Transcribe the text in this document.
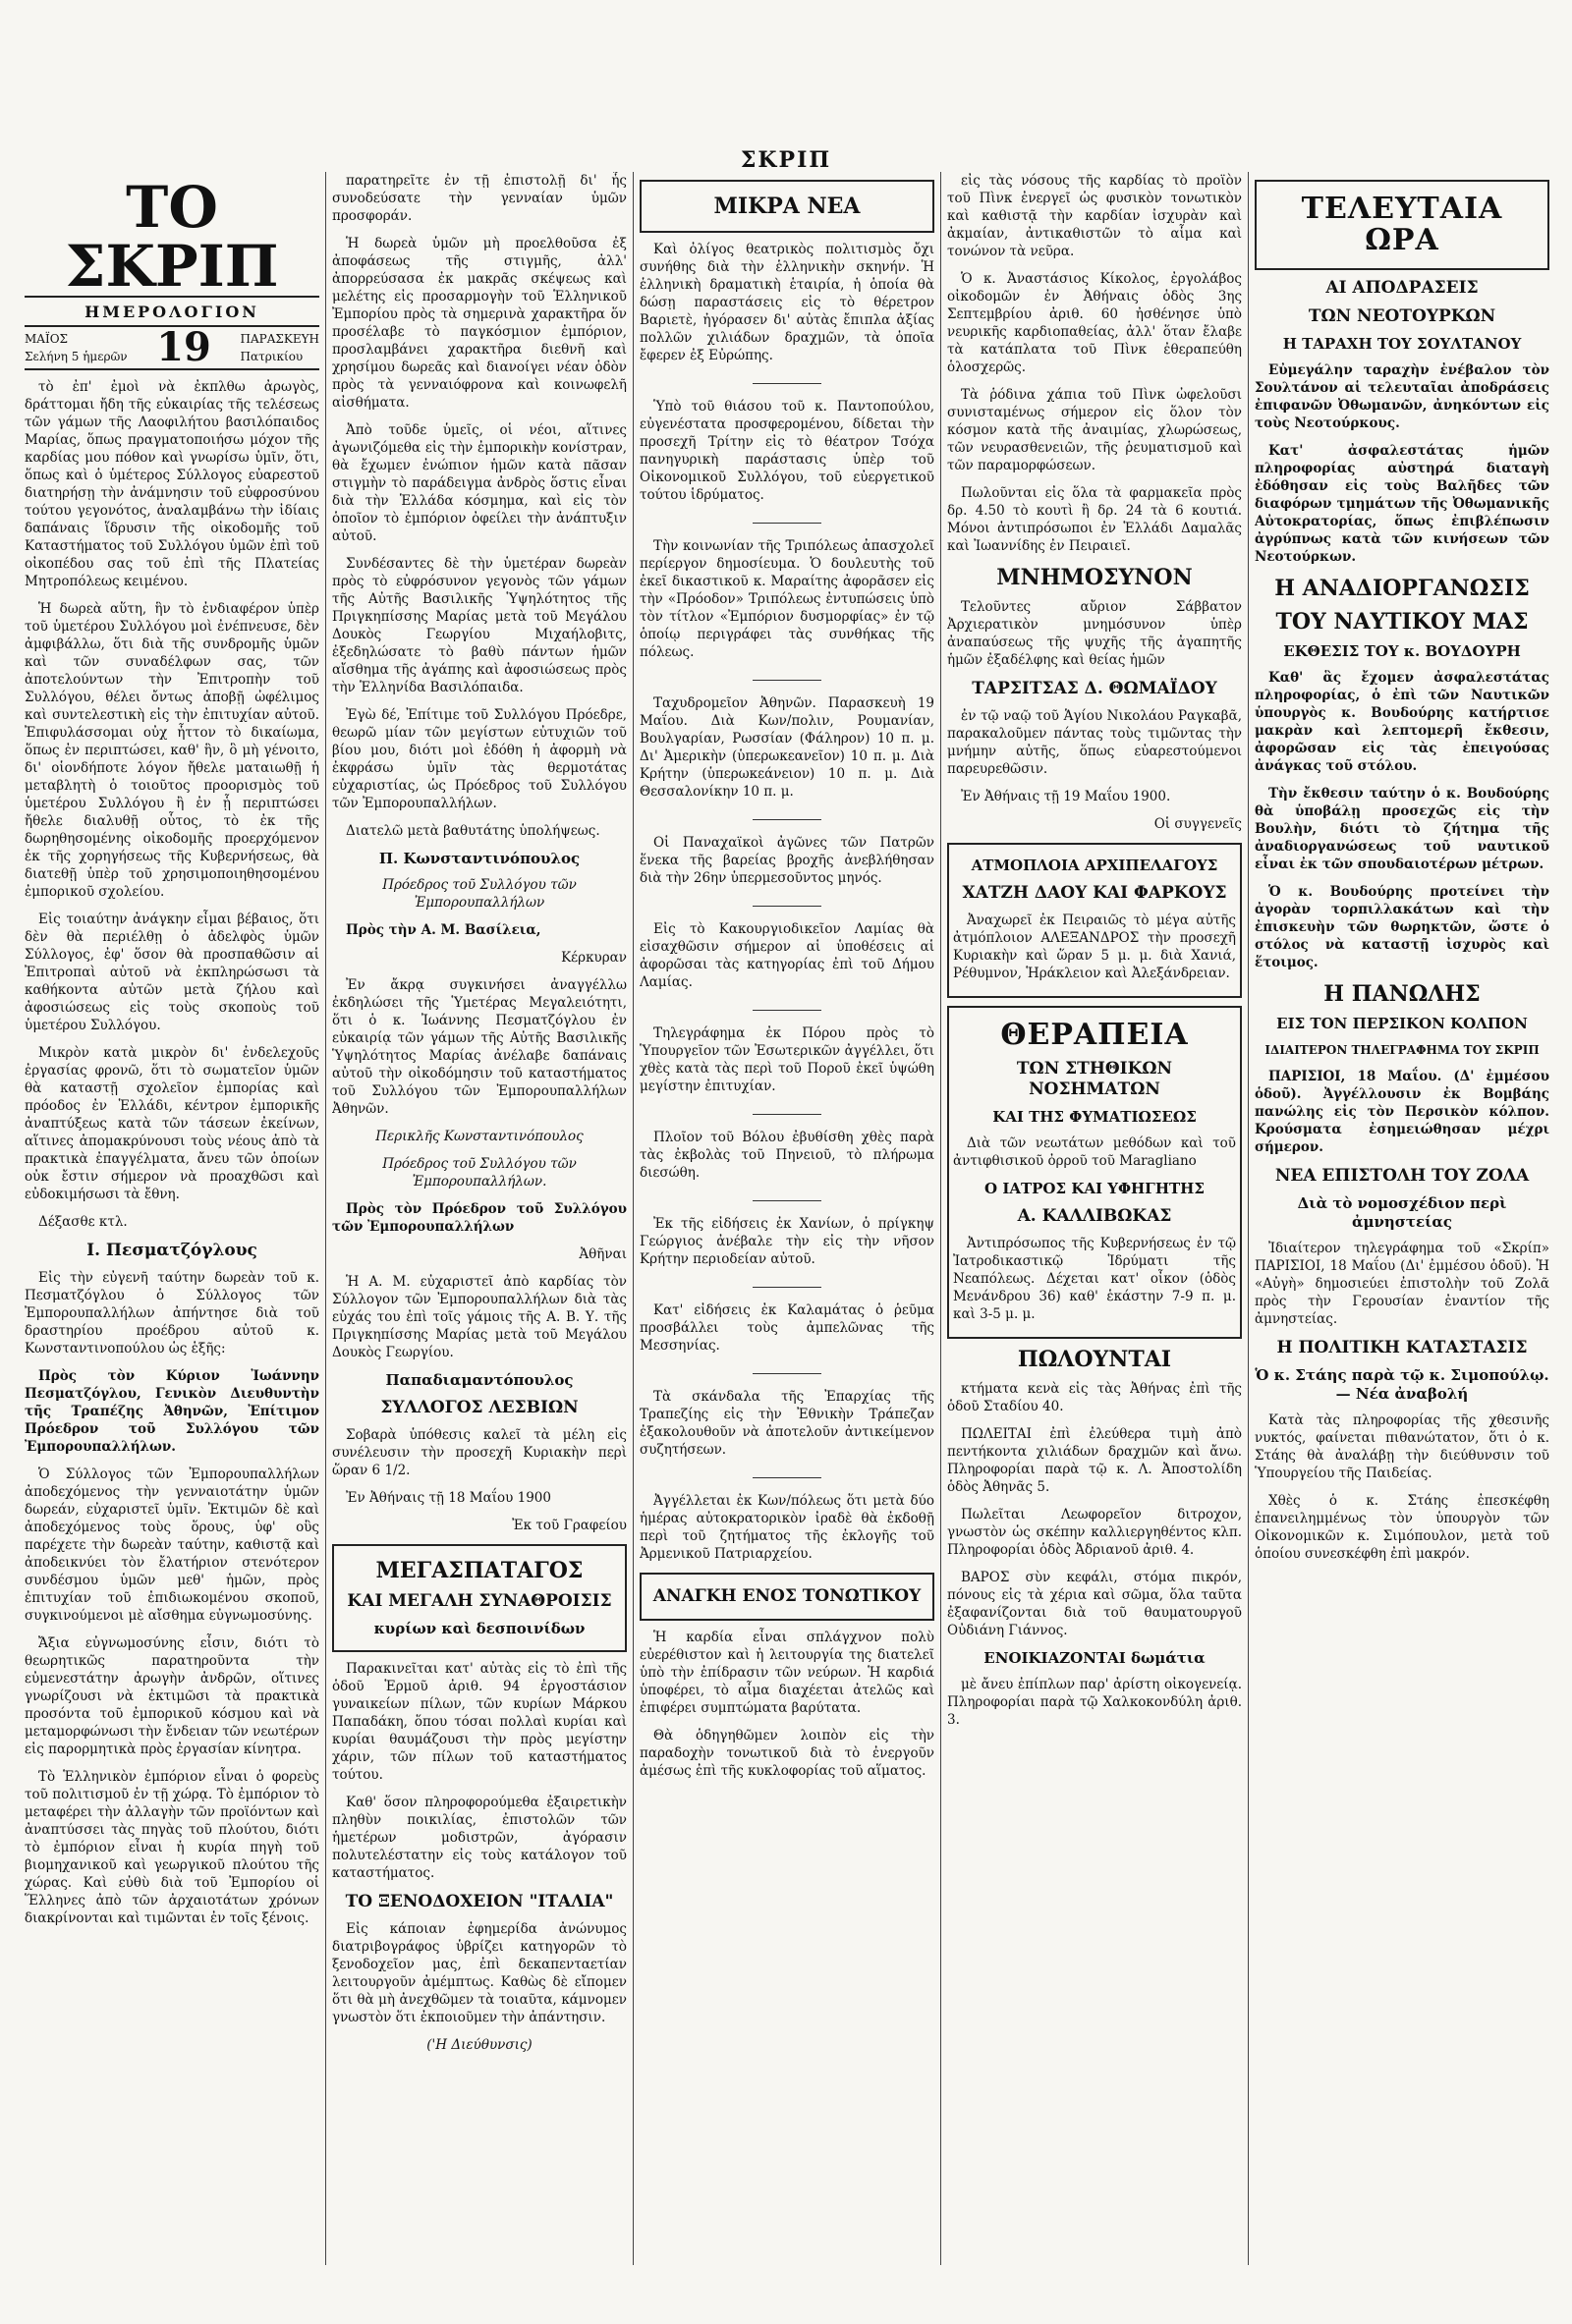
ΣΚΡΙΠ
ΤΟ ΣΚΡΙΠ
ΗΜΕΡΟΛΟΓΙΟΝ
ΜΑΪΟΣ
Σελήνη 5 ἡμερῶν 19 ΠΑΡΑΣΚΕΥΗ
Πατρικίου

τὸ ἐπ' ἐμοὶ νὰ ἐκπλθω ἀρωγὸς, δράττομαι ἤδη τῆς εὐκαιρίας τῆς τελέσεως τῶν γάμων τῆς Λαοφιλήτου βασιλόπαιδος Μαρίας, ὅπως πραγματοποιήσω μόχον τῆς καρδίας μου πόθον καὶ γνωρίσω ὑμῖν, ὅτι, ὅπως καὶ ὁ ὑμέτερος Σύλλογος εὐαρεστοῦ διατηρήσῃ τὴν ἀνάμνησιν τοῦ εὐφροσύνου τούτου γεγονότος, ἀναλαμβάνω τὴν ἰδίαις δαπάναις ἵδρυσιν τῆς οἰκοδομῆς τοῦ Καταστήματος τοῦ Συλλόγου ὑμῶν ἐπὶ τοῦ οἰκοπέδου σας τοῦ ἐπὶ τῆς Πλατείας Μητροπόλεως κειμένου.

Ἡ δωρεὰ αὕτη, ἣν τὸ ἐνδιαφέρον ὑπὲρ τοῦ ὑμετέρου Συλλόγου μοὶ ἐνέπνευσε, δὲν ἀμφιβάλλω, ὅτι διὰ τῆς συνδρομῆς ὑμῶν καὶ τῶν συναδέλφων σας, τῶν ἀποτελούντων τὴν Ἐπιτροπὴν τοῦ Συλλόγου, θέλει ὄντως ἀποβῇ ὠφέλιμος καὶ συντελεστικὴ εἰς τὴν ἐπιτυχίαν αὐτοῦ. Ἐπιφυλάσσομαι οὐχ ἧττον τὸ δικαίωμα, ὅπως ἐν περιπτώσει, καθ' ἣν, ὃ μὴ γένοιτο, δι' οἱονδήποτε λόγον ἤθελε ματαιωθῇ ἡ μεταβλητὴ ὁ τοιοῦτος προορισμὸς τοῦ ὑμετέρου Συλλόγου ἢ ἐν ᾗ περιπτώσει ἤθελε διαλυθῇ οὗτος, τὸ ἐκ τῆς δωρηθησομένης οἰκοδομῆς προερχόμενον ἐκ τῆς χορηγήσεως τῆς Κυβερνήσεως, θὰ διατεθῇ ὑπὲρ τοῦ χρησιμοποιηθησομένου ἐμπορικοῦ σχολείου.

Εἰς τοιαύτην ἀνάγκην εἶμαι βέβαιος, ὅτι δὲν θὰ περιέλθῃ ὁ ἀδελφὸς ὑμῶν Σύλλογος, ἐφ' ὅσον θὰ προσπαθῶσιν αἱ Ἐπιτροπαὶ αὐτοῦ νὰ ἐκπληρώσωσι τὰ καθήκοντα αὐτῶν μετὰ ζήλου καὶ ἀφοσιώσεως εἰς τοὺς σκοποὺς τοῦ ὑμετέρου Συλλόγου.

Μικρὸν κατὰ μικρὸν δι' ἐνδελεχοῦς ἐργασίας φρονῶ, ὅτι τὸ σωματεῖον ὑμῶν θὰ καταστῇ σχολεῖον ἐμπορίας καὶ πρόοδος ἐν Ἑλλάδι, κέντρον ἐμπορικῆς ἀναπτύξεως κατὰ τῶν τάσεων ἐκείνων, αἵτινες ἀπομακρύνουσι τοὺς νέους ἀπὸ τὰ πρακτικὰ ἐπαγγέλματα, ἄνευ τῶν ὁποίων οὐκ ἔστιν σήμερον νὰ προαχθῶσι καὶ εὐδοκιμήσωσι τὰ ἔθνη.

Δέξασθε κτλ.

Ι. Πεσματζόγλους

Εἰς τὴν εὐγενῆ ταύτην δωρεὰν τοῦ κ. Πεσματζόγλου ὁ Σύλλογος τῶν Ἐμπορουπαλλήλων ἀπήντησε διὰ τοῦ δραστηρίου προέδρου αὐτοῦ κ. Κωνσταντινοπούλου ὡς ἑξῆς:

Πρὸς τὸν Κύριον Ἰωάννην Πεσματζόγλου, Γενικὸν Διευθυντὴν τῆς Τραπέζης Ἀθηνῶν, Ἐπίτιμον Πρόεδρον τοῦ Συλλόγου τῶν Ἐμπορουπαλλήλων.

Ὁ Σύλλογος τῶν Ἐμπορουπαλλήλων ἀποδεχόμενος τὴν γενναιοτάτην ὑμῶν δωρεάν, εὐχαριστεῖ ὑμῖν. Ἐκτιμῶν δὲ καὶ ἀποδεχόμενος τοὺς ὅρους, ὑφ' οὓς παρέχετε τὴν δωρεὰν ταύτην, καθιστᾷ καὶ ἀποδεικνύει τὸν ἔλατήριον στενότερον συνδέσμου ὑμῶν μεθ' ἡμῶν, πρὸς ἐπιτυχίαν τοῦ ἐπιδιωκομένου σκοποῦ, συγκινούμενοι μὲ αἴσθημα εὐγνωμοσύνης.

Ἄξια εὐγνωμοσύνης εἶσιν, διότι τὸ θεωρητικῶς παρατηροῦντα τὴν εὐμενεστάτην ἀρωγὴν ἀνδρῶν, οἵτινες γνωρίζουσι νὰ ἐκτιμῶσι τὰ πρακτικὰ προσόντα τοῦ ἐμπορικοῦ κόσμου καὶ νὰ μεταμορφώνωσι τὴν ἔνδειαν τῶν νεωτέρων εἰς παρορμητικὰ πρὸς ἐργασίαν κίνητρα.

Τὸ Ἑλληνικὸν ἐμπόριον εἶναι ὁ φορεὺς τοῦ πολιτισμοῦ ἐν τῇ χώρᾳ. Τὸ ἐμπόριον τὸ μεταφέρει τὴν ἀλλαγὴν τῶν προϊόντων καὶ ἀναπτύσσει τὰς πηγὰς τοῦ πλούτου, διότι τὸ ἐμπόριον εἶναι ἡ κυρία πηγὴ τοῦ βιομηχανικοῦ καὶ γεωργικοῦ πλούτου τῆς χώρας. Καὶ εὐθὺ διὰ τοῦ Ἐμπορίου οἱ Ἕλληνες ἀπὸ τῶν ἀρχαιοτάτων χρόνων διακρίνονται καὶ τιμῶνται ἐν τοῖς ξένοις.

παρατηρεῖτε ἐν τῇ ἐπιστολῇ δι' ἧς συνοδεύσατε τὴν γενναίαν ὑμῶν προσφοράν.

Ἡ δωρεὰ ὑμῶν μὴ προελθοῦσα ἐξ ἀποφάσεως τῆς στιγμῆς, ἀλλ' ἀπορρεύσασα ἐκ μακρᾶς σκέψεως καὶ μελέτης εἰς προσαρμογὴν τοῦ Ἑλληνικοῦ Ἐμπορίου πρὸς τὰ σημερινὰ χαρακτῆρα ὅν προσέλαβε τὸ παγκόσμιον ἐμπόριον, προσλαμβάνει χαρακτῆρα διεθνῆ καὶ χρησίμου δωρεᾶς καὶ διανοίγει νέαν ὁδὸν πρὸς τὰ γενναιόφρονα καὶ κοινωφελῆ αἰσθήματα.

Ἀπὸ τοῦδε ὑμεῖς, οἱ νέοι, αἵτινες ἀγωνιζόμεθα εἰς τὴν ἐμπορικὴν κονίστραν, θὰ ἔχωμεν ἐνώπιον ἡμῶν κατὰ πᾶσαν στιγμὴν τὸ παράδειγμα ἀνδρὸς ὅστις εἶναι διὰ τὴν Ἑλλάδα κόσμημα, καὶ εἰς τὸν ὁποῖον τὸ ἐμπόριον ὀφείλει τὴν ἀνάπτυξιν αὐτοῦ.

Συνδέσαντες δὲ τὴν ὑμετέραν δωρεὰν πρὸς τὸ εὐφρόσυνον γεγονὸς τῶν γάμων τῆς Αὐτῆς Βασιλικῆς Ὑψηλότητος τῆς Πριγκηπίσσης Μαρίας μετὰ τοῦ Μεγάλου Δουκὸς Γεωργίου Μιχαήλοβιτς, ἐξεδηλώσατε τὸ βαθὺ πάντων ἡμῶν αἴσθημα τῆς ἀγάπης καὶ ἀφοσιώσεως πρὸς τὴν Ἑλληνίδα Βασιλόπαιδα.

Ἐγὼ δέ, Ἐπίτιμε τοῦ Συλλόγου Πρόεδρε, θεωρῶ μίαν τῶν μεγίστων εὐτυχιῶν τοῦ βίου μου, διότι μοὶ ἐδόθη ἡ ἀφορμὴ νὰ ἐκφράσω ὑμῖν τὰς θερμοτάτας εὐχαριστίας, ὡς Πρόεδρος τοῦ Συλλόγου τῶν Ἐμπορουπαλλήλων.

Διατελῶ μετὰ βαθυτάτης ὑπολήψεως.

Π. Κωνσταντινόπουλος
Πρόεδρος τοῦ Συλλόγου τῶν Ἐμπορουπαλλήλων

Πρὸς τὴν Α. Μ. Βασίλεια,

Κέρκυραν

Ἐν ἄκρᾳ συγκινήσει ἀναγγέλλω ἐκδηλώσει τῆς Ὑμετέρας Μεγαλειότητι, ὅτι ὁ κ. Ἰωάννης Πεσματζόγλου ἐν εὐκαιρίᾳ τῶν γάμων τῆς Αὐτῆς Βασιλικῆς Ὑψηλότητος Μαρίας ἀνέλαβε δαπάναις αὐτοῦ τὴν οἰκοδόμησιν τοῦ καταστήματος τοῦ Συλλόγου τῶν Ἐμπορουπαλλήλων Ἀθηνῶν.

Περικλῆς Κωνσταντινόπουλος
Πρόεδρος τοῦ Συλλόγου τῶν Ἐμπορουπαλλήλων.

Πρὸς τὸν Πρόεδρον τοῦ Συλλόγου τῶν Ἐμπορουπαλλήλων

Ἀθῆναι

Ἡ Α. Μ. εὐχαριστεῖ ἀπὸ καρδίας τὸν Σύλλογον τῶν Ἐμπορουπαλλήλων διὰ τὰς εὐχάς του ἐπὶ τοῖς γάμοις τῆς Α. Β. Υ. τῆς Πριγκηπίσσης Μαρίας μετὰ τοῦ Μεγάλου Δουκὸς Γεωργίου.

Παπαδιαμαντόπουλος
ΣΥΛΛΟΓΟΣ ΛΕΣΒΙΩΝ

Σοβαρὰ ὑπόθεσις καλεῖ τὰ μέλη εἰς συνέλευσιν τὴν προσεχῆ Κυριακὴν περὶ ὥραν 6 1/2.

Ἐν Ἀθήναις τῇ 18 Μαΐου 1900

Ἐκ τοῦ Γραφείου

ΜΕΓΑΣΠΑΤΑΓΟΣ
ΚΑΙ ΜΕΓΑΛΗ ΣΥΝΑΘΡΟΙΣΙΣ
κυρίων καὶ δεσποινίδων

Παρακινεῖται κατ' αὐτὰς εἰς τὸ ἐπὶ τῆς ὁδοῦ Ἑρμοῦ ἀριθ. 94 ἐργοστάσιον γυναικείων πίλων, τῶν κυρίων Μάρκου Παπαδάκη, ὅπου τόσαι πολλαὶ κυρίαι καὶ κυρίαι θαυμάζουσι τὴν πρὸς μεγίστην χάριν, τῶν πίλων τοῦ καταστήματος τούτου.

Καθ' ὅσον πληροφορούμεθα ἐξαιρετικὴν πληθὺν ποικιλίας, ἐπιστολῶν τῶν ἡμετέρων μοδιστρῶν, ἀγόρασιν πολυτελέστατην εἰς τοὺς κατάλογον τοῦ καταστήματος.

ΤΟ ΞΕΝΟΔΟΧΕΙΟΝ "ΙΤΑΛΙΑ"

Εἰς κάποιαν ἐφημερίδα ἀνώνυμος διατριβογράφος ὑβρίζει κατηγορῶν τὸ ξενοδοχεῖον μας, ἐπὶ δεκαπενταετίαν λειτουργοῦν ἀμέμπτως. Καθὼς δὲ εἴπομεν ὅτι θὰ μὴ ἀνεχθῶμεν τὰ τοιαῦτα, κάμνομεν γνωστὸν ὅτι ἐκποιοῦμεν τὴν ἀπάντησιν.

('Η Διεύθυνσις)
ΜΙΚΡΑ ΝΕΑ

Καὶ ὀλίγος θεατρικὸς πολιτισμὸς ὄχι συνήθης διὰ τὴν ἑλληνικὴν σκηνήν. Ἡ ἑλληνικὴ δραματικὴ ἑταιρία, ἡ ὁποία θὰ δώσῃ παραστάσεις εἰς τὸ θέρετρον Βαριετὲ, ἠγόρασεν δι' αὐτὰς ἔπιπλα ἀξίας πολλῶν χιλιάδων δραχμῶν, τὰ ὁποῖα ἔφερεν ἐξ Εὐρώπης.

Ὑπὸ τοῦ θιάσου τοῦ κ. Παντοπούλου, εὐγενέστατα προσφερομένου, δίδεται τὴν προσεχῆ Τρίτην εἰς τὸ θέατρον Τσόχα πανηγυρικὴ παράστασις ὑπὲρ τοῦ Οἰκονομικοῦ Συλλόγου, τοῦ εὐεργετικοῦ τούτου ἱδρύματος.

Τὴν κοινωνίαν τῆς Τριπόλεως ἀπασχολεῖ περίεργον δημοσίευμα. Ὁ δουλευτὴς τοῦ ἐκεῖ δικαστικοῦ κ. Μαραίτης ἀφορᾶσεν εἰς τὴν «Πρόοδον» Τριπόλεως ἐντυπώσεις ὑπὸ τὸν τίτλον «Ἐμπόριον δυσμορφίας» ἐν τῷ ὁποίῳ περιγράφει τὰς συνθήκας τῆς πόλεως.

Ταχυδρομεῖον Ἀθηνῶν. Παρασκευὴ 19 Μαΐου. Διὰ Κων/πολιν, Ρουμανίαν, Βουλγαρίαν, Ρωσσίαν (Φάληρον) 10 π. μ. Δι' Ἀμερικὴν (ὑπερωκεανεῖον) 10 π. μ. Διὰ Κρήτην (ὑπερωκεάνειον) 10 π. μ. Διὰ Θεσσαλονίκην 10 π. μ.

Οἱ Παναχαϊκοὶ ἀγῶνες τῶν Πατρῶν ἕνεκα τῆς βαρείας βροχῆς ἀνεβλήθησαν διὰ τὴν 26ην ὑπερμεσοῦντος μηνός.

Εἰς τὸ Κακουργιοδικεῖον Λαμίας θὰ εἰσαχθῶσιν σήμερον αἱ ὑποθέσεις αἱ ἀφορῶσαι τὰς κατηγορίας ἐπὶ τοῦ Δήμου Λαμίας.

Τηλεγράφημα ἐκ Πόρου πρὸς τὸ Ὑπουργεῖον τῶν Ἐσωτερικῶν ἀγγέλλει, ὅτι χθὲς κατὰ τὰς περὶ τοῦ Ποροῦ ἐκεῖ ὑψώθη μεγίστην ἐπιτυχίαν.

Πλοῖον τοῦ Βόλου ἐβυθίσθη χθὲς παρὰ τὰς ἐκβολὰς τοῦ Πηνειοῦ, τὸ πλήρωμα διεσώθη.

Ἐκ τῆς εἰδήσεις ἐκ Χανίων, ὁ πρίγκηψ Γεώργιος ἀνέβαλε τὴν εἰς τὴν νῆσον Κρήτην περιοδείαν αὐτοῦ.

Κατ' εἰδήσεις ἐκ Καλαμάτας ὁ ῥεῦμα προσβάλλει τοὺς ἀμπελῶνας τῆς Μεσσηνίας.

Τὰ σκάνδαλα τῆς Ἐπαρχίας τῆς Τραπεζίης εἰς τὴν Ἐθνικὴν Τράπεζαν ἐξακολουθοῦν νὰ ἀποτελοῦν ἀντικείμενον συζητήσεων.

Ἀγγέλλεται ἐκ Κων/πόλεως ὅτι μετὰ δύο ἡμέρας αὐτοκρατορικὸν ἰραδὲ θὰ ἐκδοθῇ περὶ τοῦ ζητήματος τῆς ἐκλογῆς τοῦ Ἀρμενικοῦ Πατριαρχείου.

ΑΝΑΓΚΗ ΕΝΟΣ ΤΟΝΩΤΙΚΟΥ

Ἡ καρδία εἶναι σπλάγχνον πολὺ εὐερέθιστον καὶ ἡ λειτουργία της διατελεῖ ὑπὸ τὴν ἐπίδρασιν τῶν νεύρων. Ἡ καρδιά ὑποφέρει, τὸ αἷμα διαχέεται ἀτελῶς καὶ ἐπιφέρει συμπτώματα βαρύτατα.

Θὰ ὁδηγηθῶμεν λοιπὸν εἰς τὴν παραδοχὴν τονωτικοῦ διὰ τὸ ἐνεργοῦν ἀμέσως ἐπὶ τῆς κυκλοφορίας τοῦ αἵματος.

εἰς τὰς νόσους τῆς καρδίας τὸ προϊὸν τοῦ Πὶνκ ἐνεργεῖ ὡς φυσικὸν τονωτικὸν καὶ καθιστᾷ τὴν καρδίαν ἰσχυρὰν καὶ ἀκμαίαν, ἀντικαθιστῶν τὸ αἷμα καὶ τονώνον τὰ νεῦρα.

Ὁ κ. Ἀναστάσιος Κίκολος, ἐργολάβος οἰκοδομῶν ἐν Ἀθήναις ὁδὸς 3ης Σεπτεμβρίου ἀριθ. 60 ἠσθένησε ὑπὸ νευρικῆς καρδιοπαθείας, ἀλλ' ὅταν ἔλαβε τὰ κατάπλατα τοῦ Πὶνκ ἐθεραπεύθη ὁλοσχερῶς.

Τὰ ῥόδινα χάπια τοῦ Πὶνκ ὠφελοῦσι συνισταμένως σήμερον εἰς ὅλον τὸν κόσμον κατὰ τῆς ἀναιμίας, χλωρώσεως, τῶν νευρασθενειῶν, τῆς ῥευματισμοῦ καὶ τῶν παραμορφώσεων.

Πωλοῦνται εἰς ὅλα τὰ φαρμακεῖα πρὸς δρ. 4.50 τὸ κουτὶ ἢ δρ. 24 τὰ 6 κουτιά. Μόνοι ἀντιπρόσωποι ἐν Ἑλλάδι Δαμαλᾶς καὶ Ἰωαννίδης ἐν Πειραιεῖ.

ΜΝΗΜΟΣΥΝΟΝ

Τελοῦντες αὔριον Σάββατον Ἀρχιερατικὸν μνημόσυνον ὑπὲρ ἀναπαύσεως τῆς ψυχῆς τῆς ἀγαπητῆς ἡμῶν ἐξαδέλφης καὶ θείας ἡμῶν

ΤΑΡΣΙΤΣΑΣ Δ. ΘΩΜΑΪΔΟΥ

ἐν τῷ ναῷ τοῦ Ἁγίου Νικολάου Ραγκαβᾶ, παρακαλοῦμεν πάντας τοὺς τιμῶντας τὴν μνήμην αὐτῆς, ὅπως εὐαρεστούμενοι παρευρεθῶσιν.

Ἐν Ἀθήναις τῇ 19 Μαΐου 1900.

Οἱ συγγενεῖς

ΑΤΜΟΠΛΟΙΑ ΑΡΧΙΠΕΛΑΓΟΥΣ
ΧΑΤΖΗ ΔΑΟΥ ΚΑΙ ΦΑΡΚΟΥΣ

Ἀναχωρεῖ ἐκ Πειραιῶς τὸ μέγα αὐτῆς ἀτμόπλοιον ΑΛΕΞΑΝΔΡΟΣ τὴν προσεχῆ Κυριακὴν καὶ ὥραν 5 μ. μ. διὰ Χανιά, Ρέθυμνον, Ἡράκλειον καὶ Ἀλεξάνδρειαν.

ΘΕΡΑΠΕΙΑ
ΤΩΝ ΣΤΗΘΙΚΩΝ ΝΟΣΗΜΑΤΩΝ
ΚΑΙ ΤΗΣ ΦΥΜΑΤΙΩΣΕΩΣ

Διὰ τῶν νεωτάτων μεθόδων καὶ τοῦ ἀντιφθισικοῦ ὀρροῦ τοῦ Maragliano

Ο ΙΑΤΡΟΣ ΚΑΙ ΥΦΗΓΗΤΗΣ
Α. ΚΑΛΛΙΒΩΚΑΣ

Ἀντιπρόσωπος τῆς Κυβερνήσεως ἐν τῷ Ἰατροδικαστικῷ Ἱδρύματι τῆς Νεαπόλεως. Δέχεται κατ' οἶκον (ὁδὸς Μενάνδρου 36) καθ' ἑκάστην 7-9 π. μ. καὶ 3-5 μ. μ.

ΠΩΛΟΥΝΤΑΙ

κτήματα κενὰ εἰς τὰς Ἀθήνας ἐπὶ τῆς ὁδοῦ Σταδίου 40.

ΠΩΛΕΙΤΑΙ ἐπὶ ἐλεύθερα τιμὴ ἀπὸ πεντήκοντα χιλιάδων δραχμῶν καὶ ἄνω. Πληροφορίαι παρὰ τῷ κ. Λ. Ἀποστολίδη ὁδὸς Ἀθηνᾶς 5.

Πωλεῖται Λεωφορεῖον διτροχον, γνωστὸν ὡς σκέπην καλλιεργηθέντος κλπ. Πληροφορίαι ὁδὸς Ἀδριανοῦ ἀριθ. 4.

ΒΑΡΟΣ σὺν κεφάλι, στόμα πικρόν, πόνους εἰς τὰ χέρια καὶ σῶμα, ὅλα ταῦτα ἐξαφανίζονται διὰ τοῦ θαυματουργοῦ Οὐδιάνη Γιάννος.

ΕΝΟΙΚΙΑΖΟΝΤΑΙ δωμάτια

μὲ ἄνευ ἐπίπλων παρ' ἀρίστη οἰκογενείᾳ. Πληροφορίαι παρὰ τῷ Χαλκοκονδύλη ἀριθ. 3.

ΤΕΛΕΥΤΑΙΑ ΩΡΑ
ΑΙ ΑΠΟΔΡΑΣΕΙΣ
ΤΩΝ ΝΕΟΤΟΥΡΚΩΝ
Η ΤΑΡΑΧΗ ΤΟΥ ΣΟΥΛΤΑΝΟΥ

Εὐμεγάλην ταραχὴν ἐνέβαλον τὸν Σουλτάνον αἱ τελευταῖαι ἀποδράσεις ἐπιφανῶν Ὀθωμανῶν, ἀνηκόντων εἰς τοὺς Νεοτούρκους.

Κατ' ἀσφαλεστάτας ἡμῶν πληροφορίας αὐστηρά διαταγὴ ἐδόθησαν εἰς τοὺς Βαλῆδες τῶν διαφόρων τμημάτων τῆς Ὀθωμανικῆς Αὐτοκρατορίας, ὅπως ἐπιβλέπωσιν ἀγρύπνως κατὰ τῶν κινήσεων τῶν Νεοτούρκων.

Η ΑΝΑΔΙΟΡΓΑΝΩΣΙΣ
ΤΟΥ ΝΑΥΤΙΚΟΥ ΜΑΣ
ΕΚΘΕΣΙΣ ΤΟΥ κ. ΒΟΥΔΟΥΡΗ

Καθ' ἃς ἔχομεν ἀσφαλεστάτας πληροφορίας, ὁ ἐπὶ τῶν Ναυτικῶν ὑπουργὸς κ. Βουδούρης κατήρτισε μακρὰν καὶ λεπτομερῆ ἔκθεσιν, ἀφορῶσαν εἰς τὰς ἐπειγούσας ἀνάγκας τοῦ στόλου.

Τὴν ἔκθεσιν ταύτην ὁ κ. Βουδούρης θὰ ὑποβάλῃ προσεχῶς εἰς τὴν Βουλὴν, διότι τὸ ζήτημα τῆς ἀναδιοργανώσεως τοῦ ναυτικοῦ εἶναι ἐκ τῶν σπουδαιοτέρων μέτρων.

Ὁ κ. Βουδούρης προτείνει τὴν ἀγορὰν τορπιλλακάτων καὶ τὴν ἐπισκευὴν τῶν θωρηκτῶν, ὥστε ὁ στόλος νὰ καταστῇ ἰσχυρὸς καὶ ἕτοιμος.

Η ΠΑΝΩΛΗΣ
ΕΙΣ ΤΟΝ ΠΕΡΣΙΚΟΝ ΚΟΛΠΟΝ
ΙΔΙΑΙΤΕΡΟΝ ΤΗΛΕΓΡΑΦΗΜΑ ΤΟΥ ΣΚΡΙΠ

ΠΑΡΙΣΙΟΙ, 18 Μαΐου. (Δ' ἐμμέσου ὁδοῦ). Ἀγγέλλουσιν ἐκ Βομβάης πανώλης εἰς τὸν Περσικὸν κόλπον. Κρούσματα ἐσημειώθησαν μέχρι σήμερον.

ΝΕΑ ΕΠΙΣΤΟΛΗ ΤΟΥ ΖΟΛΑ
Διὰ τὸ νομοσχέδιον περὶ ἀμνηστείας

Ἰδιαίτερον τηλεγράφημα τοῦ «Σκρίπ» ΠΑΡΙΣΙΟΙ, 18 Μαΐου (Δι' ἐμμέσου ὁδοῦ). Ἡ «Αὐγὴ» δημοσιεύει ἐπιστολὴν τοῦ Ζολᾶ πρὸς τὴν Γερουσίαν ἐναντίον τῆς ἀμνηστείας.

Η ΠΟΛΙΤΙΚΗ ΚΑΤΑΣΤΑΣΙΣ
Ὁ κ. Στάης παρὰ τῷ κ. Σιμοπούλῳ. — Νέα ἀναβολή

Κατὰ τὰς πληροφορίας τῆς χθεσινῆς νυκτός, φαίνεται πιθανώτατον, ὅτι ὁ κ. Στάης θὰ ἀναλάβῃ τὴν διεύθυνσιν τοῦ Ὑπουργείου τῆς Παιδείας.

Χθὲς ὁ κ. Στάης ἐπεσκέφθη ἐπανειλημμένως τὸν ὑπουργὸν τῶν Οἰκονομικῶν κ. Σιμόπουλον, μετὰ τοῦ ὁποίου συνεσκέφθη ἐπὶ μακρόν.
